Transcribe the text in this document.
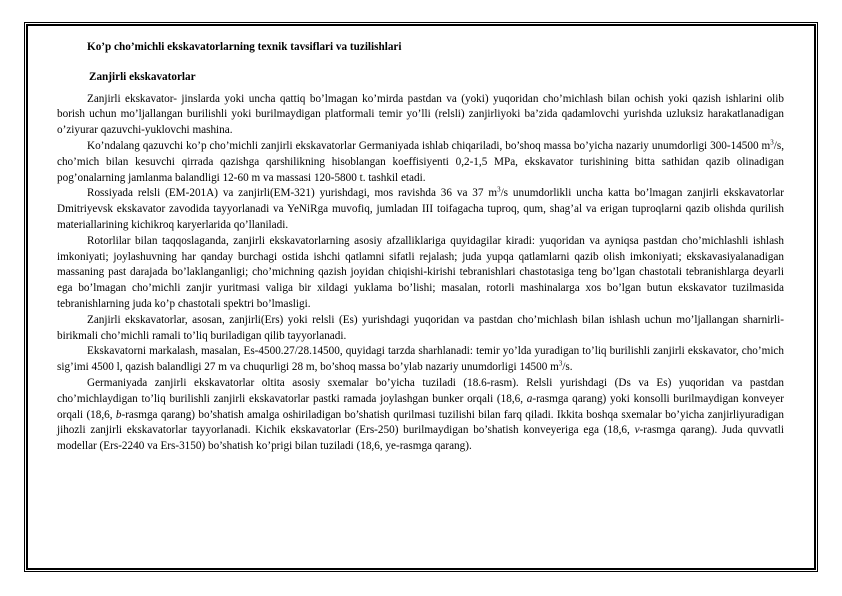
Ko’p cho’michli ekskavatorlarning texnik tavsiflari va tuzilishlari
Zanjirli ekskavatorlar

Zanjirli ekskavator- jinslarda yoki uncha qattiq bo’lmagan ko’mirda pastdan va (yoki) yuqoridan cho’michlash bilan ochish yoki qazish ishlarini olib borish uchun mo’ljallangan burilishli yoki burilmaydigan platformali temir yo’lli (relsli) zanjirliyoki ba’zida qadamlovchi yurishda uzluksiz harakatlanadigan o’ziyurar qazuvchi-yuklovchi mashina.

Ko’ndalang qazuvchi ko’p cho’michli zanjirli ekskavatorlar Germaniyada ishlab chiqariladi, bo’shoq massa bo’yicha nazariy unumdorligi 300-14500 $m^3/s$, cho’mich bilan kesuvchi qirrada qazishga qarshilikning hisoblangan koeffisiyenti 0,2-1,5 MPa, ekskavator turishining bitta sathidan qazib olinadigan pog’onalarning jamlanma balandligi 12-60 m va massasi 120-5800 t. tashkil etadi.

Rossiyada relsli (EM-201A) va zanjirli(EM-321) yurishdagi, mos ravishda 36 va 37 $m^3/s$ unumdorlikli uncha katta bo’lmagan zanjirli ekskavatorlar Dmitriyevsk ekskavator zavodida tayyorlanadi va YeNiRga muvofiq, jumladan III toifagacha tuproq, qum, shag’al va erigan tuproqlarni qazib olishda qurilish materiallarining kichikroq karyerlarida qo’llaniladi.

Rotorlilar bilan taqqoslaganda, zanjirli ekskavatorlarning asosiy afzalliklariga quyidagilar kiradi: yuqoridan va ayniqsa pastdan cho’michlashli ishlash imkoniyati; joylashuvning har qanday burchagi ostida ishchi qatlamni sifatli rejalash; juda yupqa qatlamlarni qazib olish imkoniyati; ekskavasiyalanadigan massaning past darajada bo’laklanganligi; cho’michning qazish joyidan chiqishi-kirishi tebranishlari chastotasiga teng bo’lgan chastotali tebranishlarga deyarli ega bo’lmagan cho’michli zanjir yuritmasi valiga bir xildagi yuklama bo’lishi; masalan, rotorli mashinalarga xos bo’lgan butun ekskavator tuzilmasida tebranishlarning juda ko’p chastotali spektri bo’lmasligi.

Zanjirli ekskavatorlar, asosan, zanjirli(Ers) yoki relsli (Es) yurishdagi yuqoridan va pastdan cho’michlash bilan ishlash uchun mo’ljallangan sharnirli-birikmali cho’michli ramali to’liq buriladigan qilib tayyorlanadi.

Ekskavatorni markalash, masalan, Es-4500.27/28.14500, quyidagi tarzda sharhlanadi: temir yo’lda yuradigan to’liq burilishli zanjirli ekskavator, cho’mich sig’imi 4500 l, qazish balandligi 27 m va chuqurligi 28 m, bo’shoq massa bo’ylab nazariy unumdorligi 14500 $m^3/s$.

Germaniyada zanjirli ekskavatorlar oltita asosiy sxemalar bo’yicha tuziladi (18.6-rasm). Relsli yurishdagi (Ds va Es) yuqoridan va pastdan cho’michlaydigan to’liq burilishli zanjirli ekskavatorlar pastki ramada joylashgan bunker orqali (18,6, a-rasmga qarang) yoki konsolli burilmaydigan konveyer orqali (18,6, b-rasmga qarang) bo’shatish amalga oshiriladigan bo’shatish qurilmasi tuzilishi bilan farq qiladi. Ikkita boshqa sxemalar bo’yicha zanjirliyuradigan jihozli zanjirli ekskavatorlar tayyorlanadi. Kichik ekskavatorlar (Ers-250) burilmaydigan bo’shatish konveyeriga ega (18,6, v-rasmga qarang). Juda quvvatli modellar (Ers-2240 va Ers-3150) bo’shatish ko’prigi bilan tuziladi (18,6, ye-rasmga qarang).
